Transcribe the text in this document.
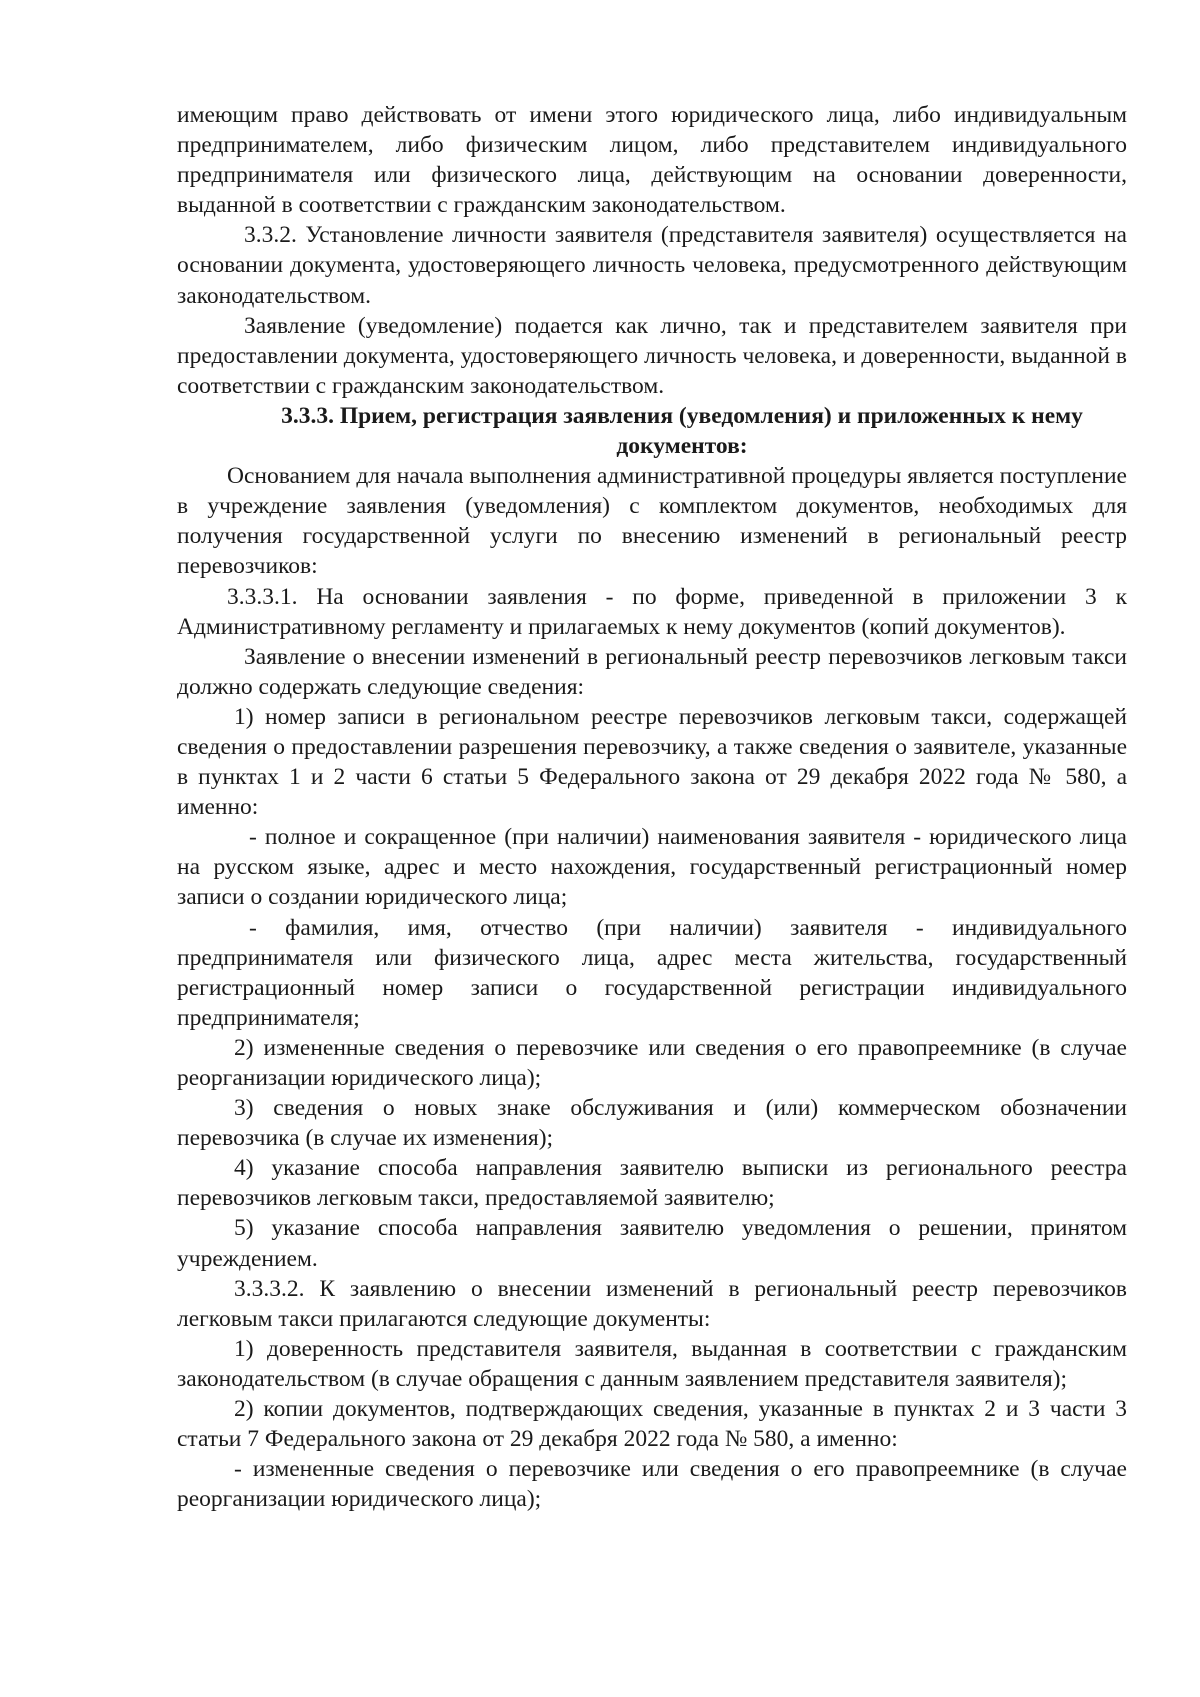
имеющим право действовать от имени этого юридического лица, либо индивидуальным предпринимателем, либо физическим лицом, либо представителем индивидуального предпринимателя или физического лица, действующим на основании доверенности, выданной в соответствии с гражданским законодательством.

3.3.2. Установление личности заявителя (представителя заявителя) осуществляется на основании документа, удостоверяющего личность человека, предусмотренного действующим законодательством.

Заявление (уведомление) подается как лично, так и представителем заявителя при предоставлении документа, удостоверяющего личность человека, и доверенности, выданной в соответствии с гражданским законодательством.

3.3.3. Прием, регистрация заявления (уведомления) и приложенных к нему документов:

Основанием для начала выполнения административной процедуры является поступление в учреждение заявления (уведомления) с комплектом документов, необходимых для получения государственной услуги по внесению изменений в региональный реестр перевозчиков:

3.3.3.1. На основании заявления - по форме, приведенной в приложении 3 к Административному регламенту и прилагаемых к нему документов (копий документов).

Заявление о внесении изменений в региональный реестр перевозчиков легковым такси должно содержать следующие сведения:

1) номер записи в региональном реестре перевозчиков легковым такси, содержащей сведения о предоставлении разрешения перевозчику, а также сведения о заявителе, указанные в пунктах 1 и 2 части 6 статьи 5 Федерального закона от 29 декабря 2022 года № 580, а именно:

- полное и сокращенное (при наличии) наименования заявителя - юридического лица на русском языке, адрес и место нахождения, государственный регистрационный номер записи о создании юридического лица;

- фамилия, имя, отчество (при наличии) заявителя - индивидуального предпринимателя или физического лица, адрес места жительства, государственный регистрационный номер записи о государственной регистрации индивидуального предпринимателя;

2) измененные сведения о перевозчике или сведения о его правопреемнике (в случае реорганизации юридического лица);

3) сведения о новых знаке обслуживания и (или) коммерческом обозначении перевозчика (в случае их изменения);

4) указание способа направления заявителю выписки из регионального реестра перевозчиков легковым такси, предоставляемой заявителю;

5) указание способа направления заявителю уведомления о решении, принятом учреждением.

3.3.3.2. К заявлению о внесении изменений в региональный реестр перевозчиков легковым такси прилагаются следующие документы:

1) доверенность представителя заявителя, выданная в соответствии с гражданским законодательством (в случае обращения с данным заявлением представителя заявителя);

2) копии документов, подтверждающих сведения, указанные в пунктах 2 и 3 части 3 статьи 7 Федерального закона от 29 декабря 2022 года № 580, а именно:

- измененные сведения о перевозчике или сведения о его правопреемнике (в случае реорганизации юридического лица);
